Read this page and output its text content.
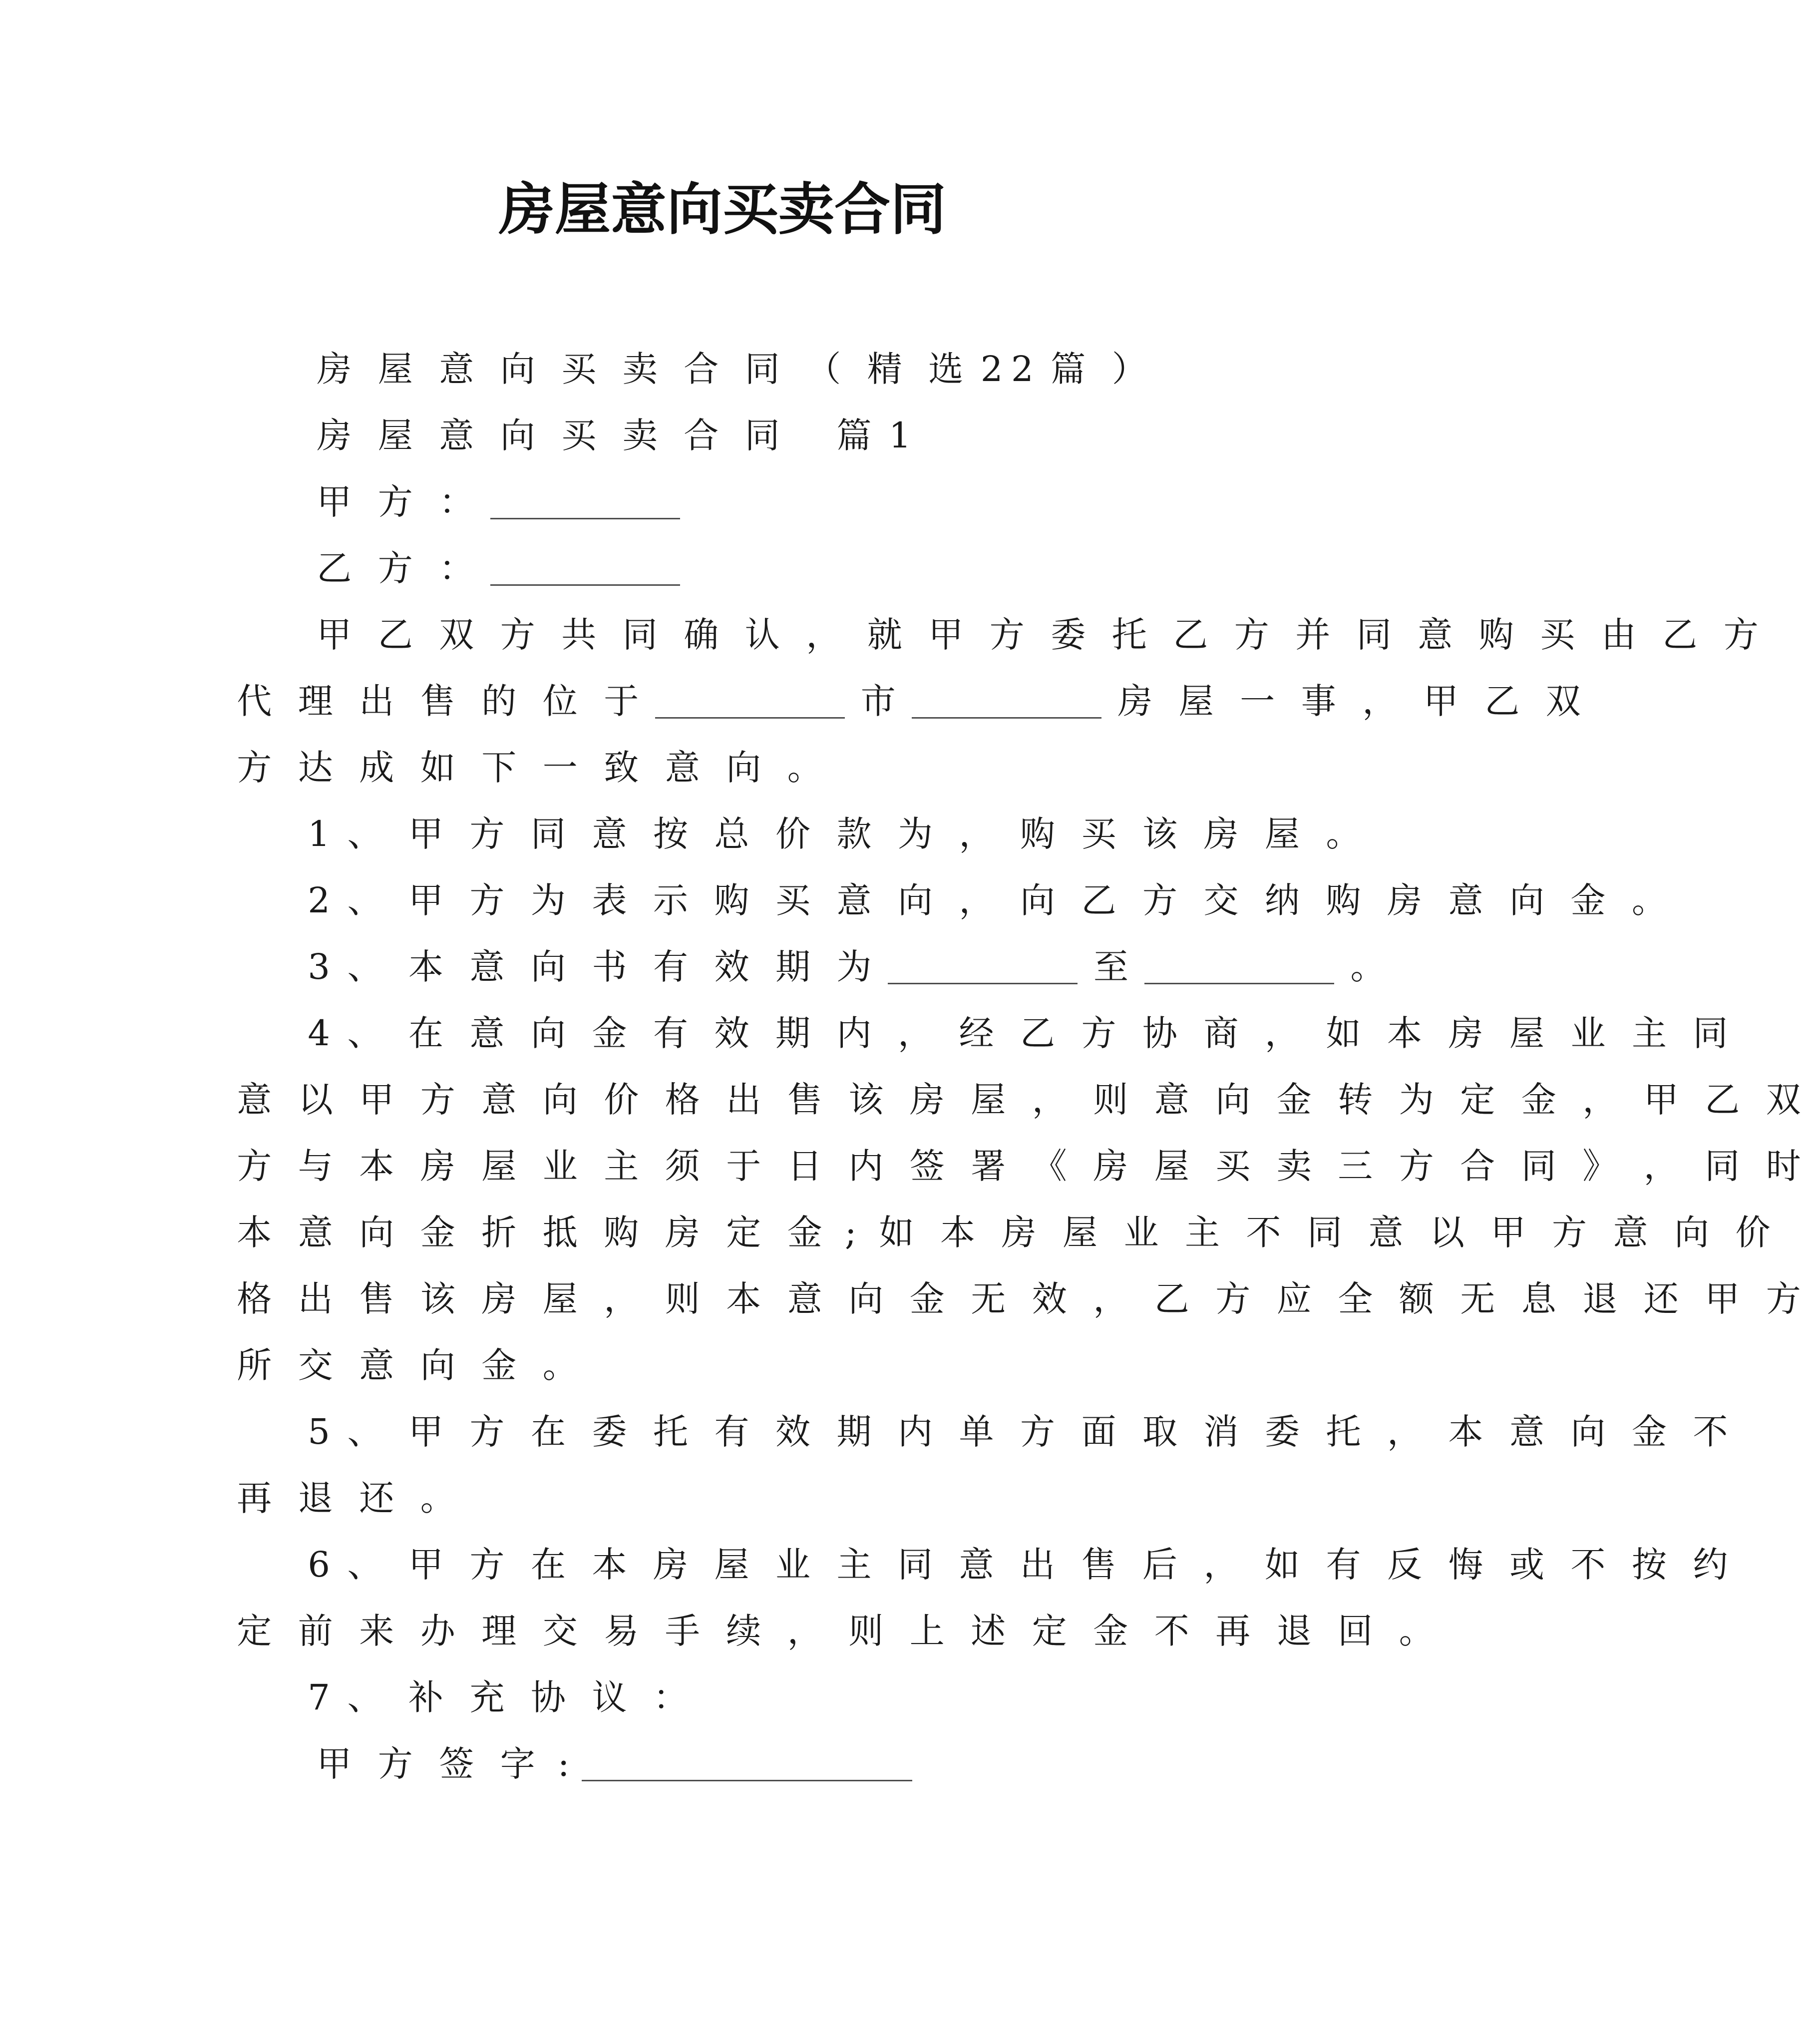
房屋意向买卖合同
房 屋 意 向 买 卖 合 同 （ 精 选 2 2 篇 ）
房 屋 意 向 买 卖 合 同	篇 1
甲 方 ：
乙 方 ：
甲 乙 双 方 共 同 确 认 ， 就 甲 方 委 托 乙 方 并 同 意 购 买 由 乙 方
代 理 出 售 的 位 于	市	房 屋 一 事 ， 甲 乙 双
方 达 成 如 下 一 致 意 向 。
1 、 甲 方 同 意 按 总 价 款 为 ， 购 买 该 房 屋 。
2 、 甲 方 为 表 示 购 买 意 向 ， 向 乙 方 交 纳 购 房 意 向 金 。
3 、 本 意 向 书 有 效 期 为	至	。
4 、 在 意 向 金 有 效 期 内 ， 经 乙 方 协 商 ， 如 本 房 屋 业 主 同
意 以 甲 方 意 向 价 格 出 售 该 房 屋 ， 则 意 向 金 转 为 定 金 ， 甲 乙 双
方 与 本 房 屋 业 主 须 于 日 内 签 署 《 房 屋 买 卖 三 方 合 同 》 ， 同 时
本 意 向 金 折 抵 购 房 定 金 ; 如 本 房 屋 业 主 不 同 意 以 甲 方 意 向 价
格 出 售 该 房 屋 ， 则 本 意 向 金 无 效 ， 乙 方 应 全 额 无 息 退 还 甲 方
所 交 意 向 金 。
5 、 甲 方 在 委 托 有 效 期 内 单 方 面 取 消 委 托 ， 本 意 向 金 不
再 退 还 。
6 、 甲 方 在 本 房 屋 业 主 同 意 出 售 后 ， 如 有 反 悔 或 不 按 约
定 前 来 办 理 交 易 手 续 ， 则 上 述 定 金 不 再 退 回 。
7 、 补 充 协 议 ：
甲 方 签 字 :
